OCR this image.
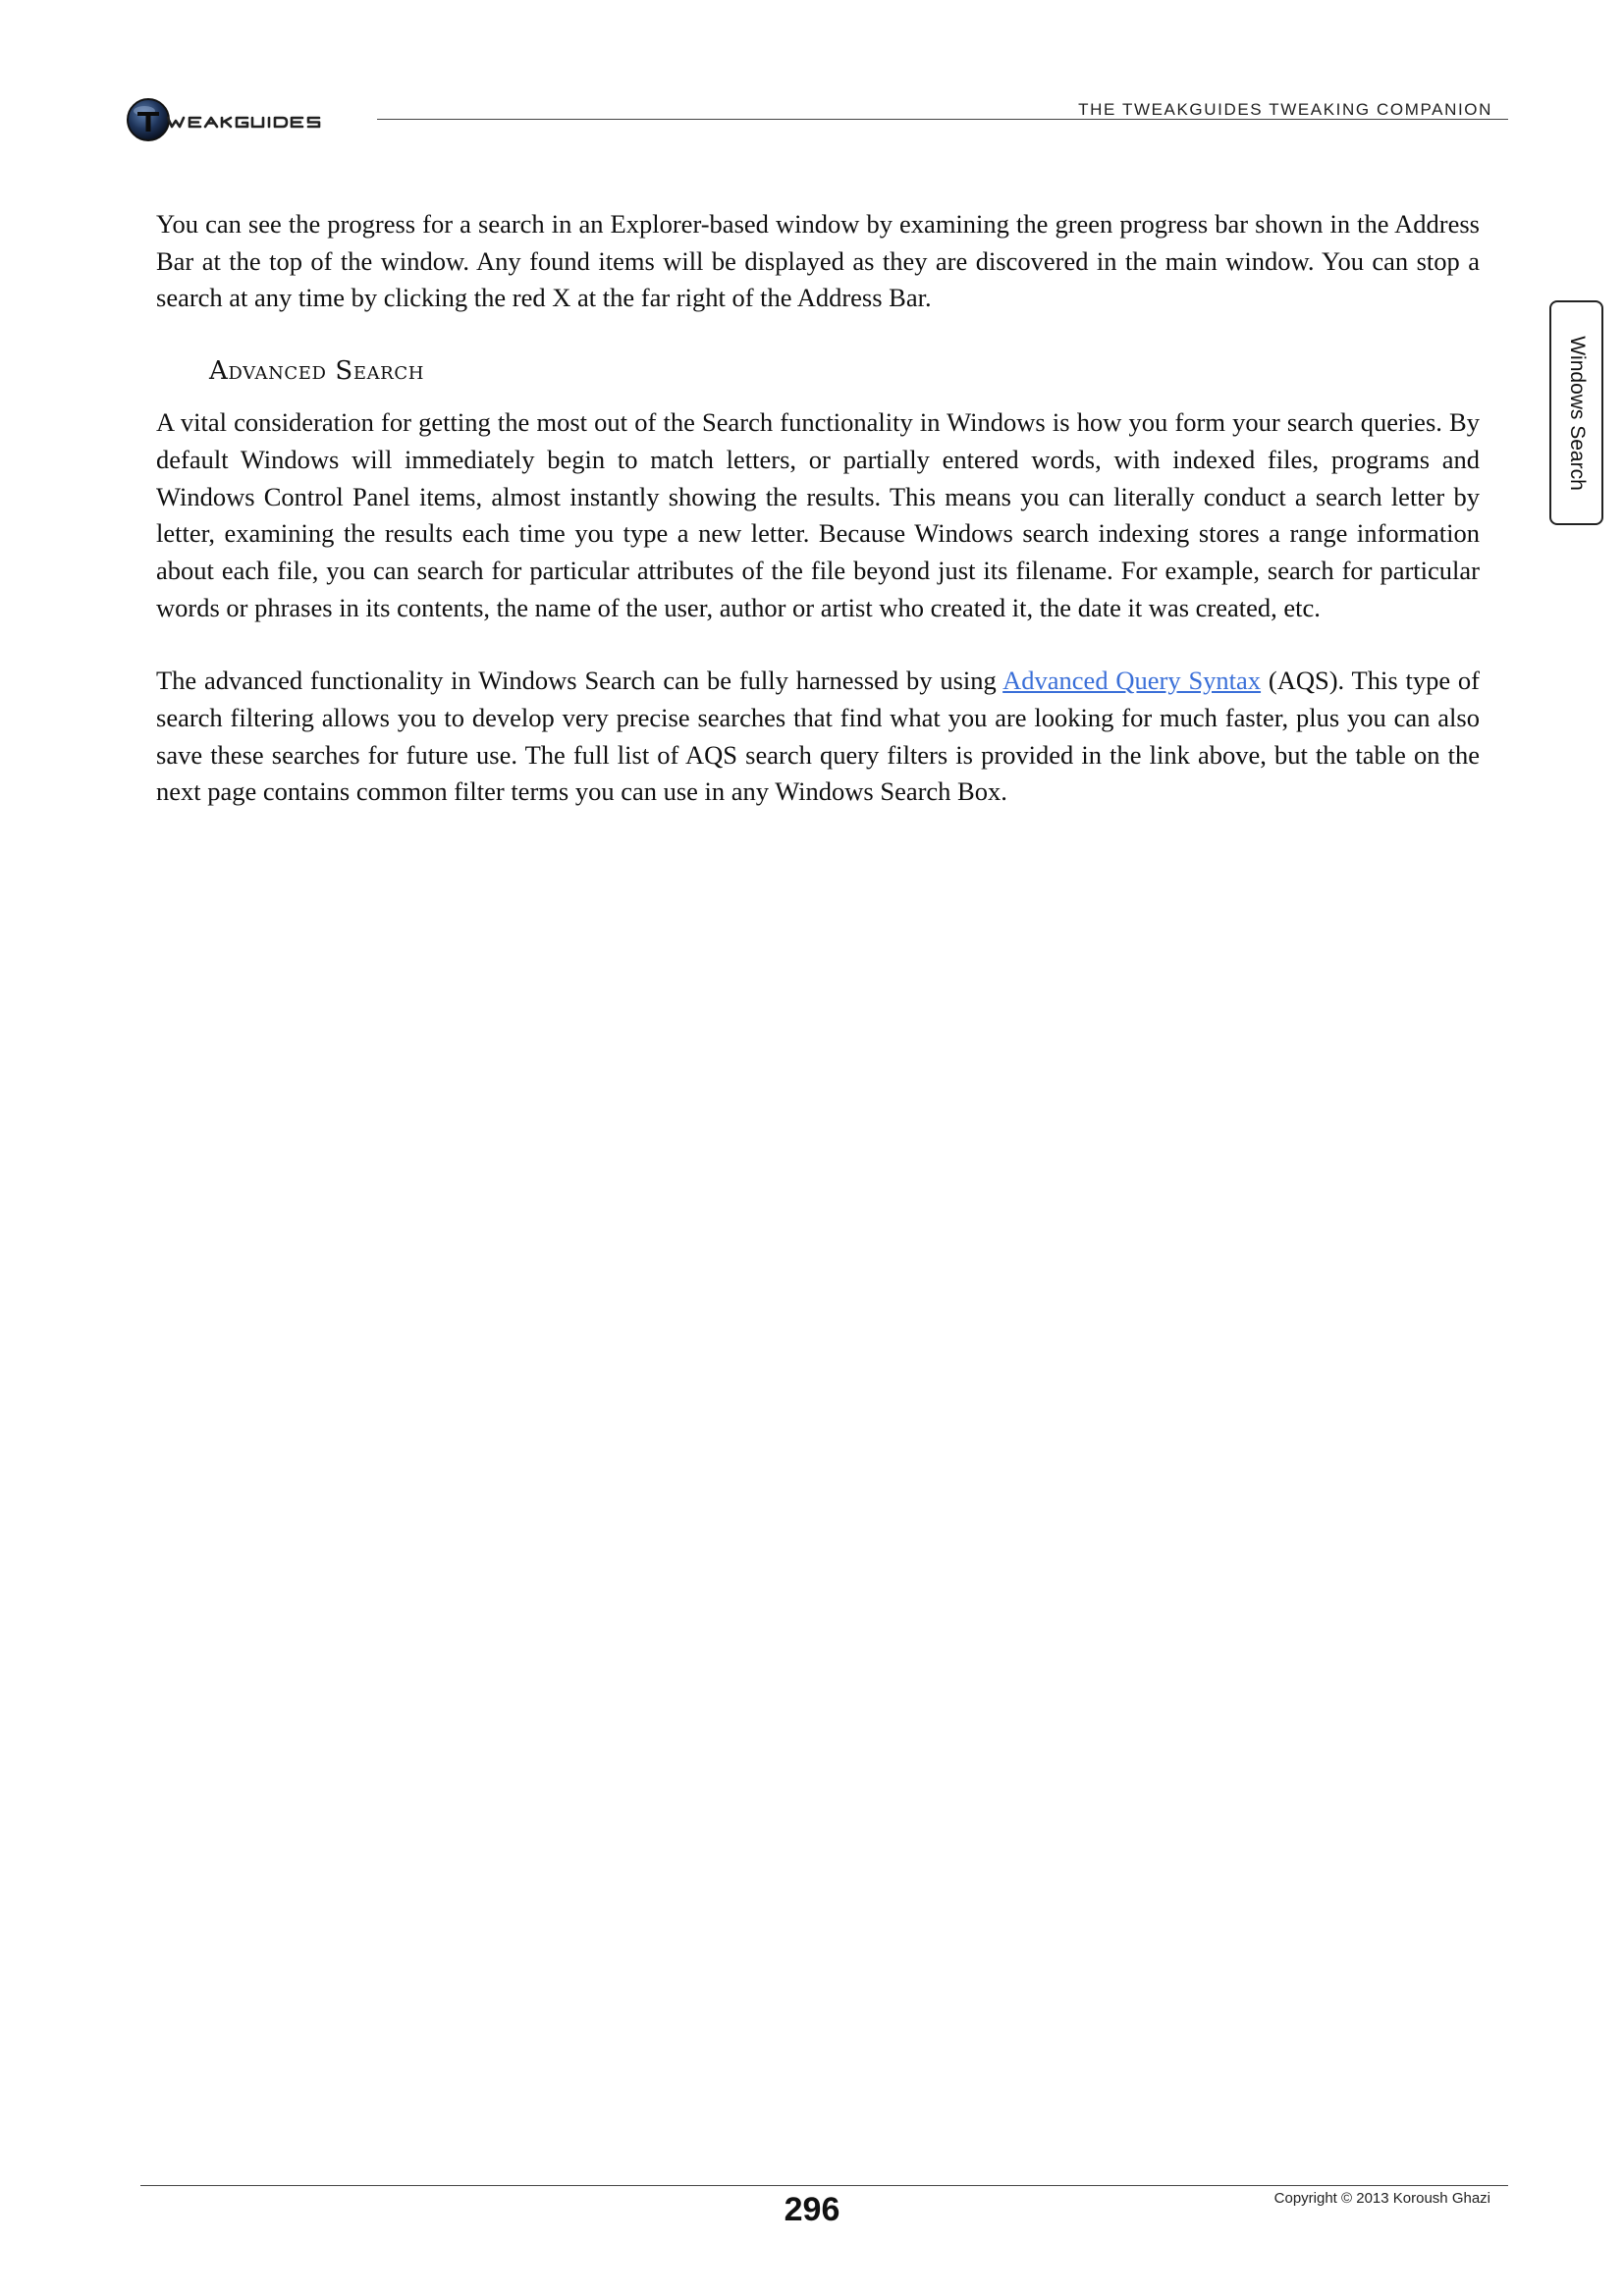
THE TWEAKGUIDES TWEAKING COMPANION
Windows Search

You can see the progress for a search in an Explorer-based window by examining the green progress bar shown in the Address Bar at the top of the window. Any found items will be displayed as they are discovered in the main window. You can stop a search at any time by clicking the red X at the far right of the Address Bar.

Advanced Search

A vital consideration for getting the most out of the Search functionality in Windows is how you form your search queries. By default Windows will immediately begin to match letters, or partially entered words, with indexed files, programs and Windows Control Panel items, almost instantly showing the results. This means you can literally conduct a search letter by letter, examining the results each time you type a new letter. Because Windows search indexing stores a range information about each file, you can search for particular attributes of the file beyond just its filename. For example, search for particular words or phrases in its contents, the name of the user, author or artist who created it, the date it was created, etc.

The advanced functionality in Windows Search can be fully harnessed by using Advanced Query Syntax (AQS). This type of search filtering allows you to develop very precise searches that find what you are looking for much faster, plus you can also save these searches for future use. The full list of AQS search query filters is provided in the link above, but the table on the next page contains common filter terms you can use in any Windows Search Box.

296	Copyright © 2013 Koroush Ghazi
